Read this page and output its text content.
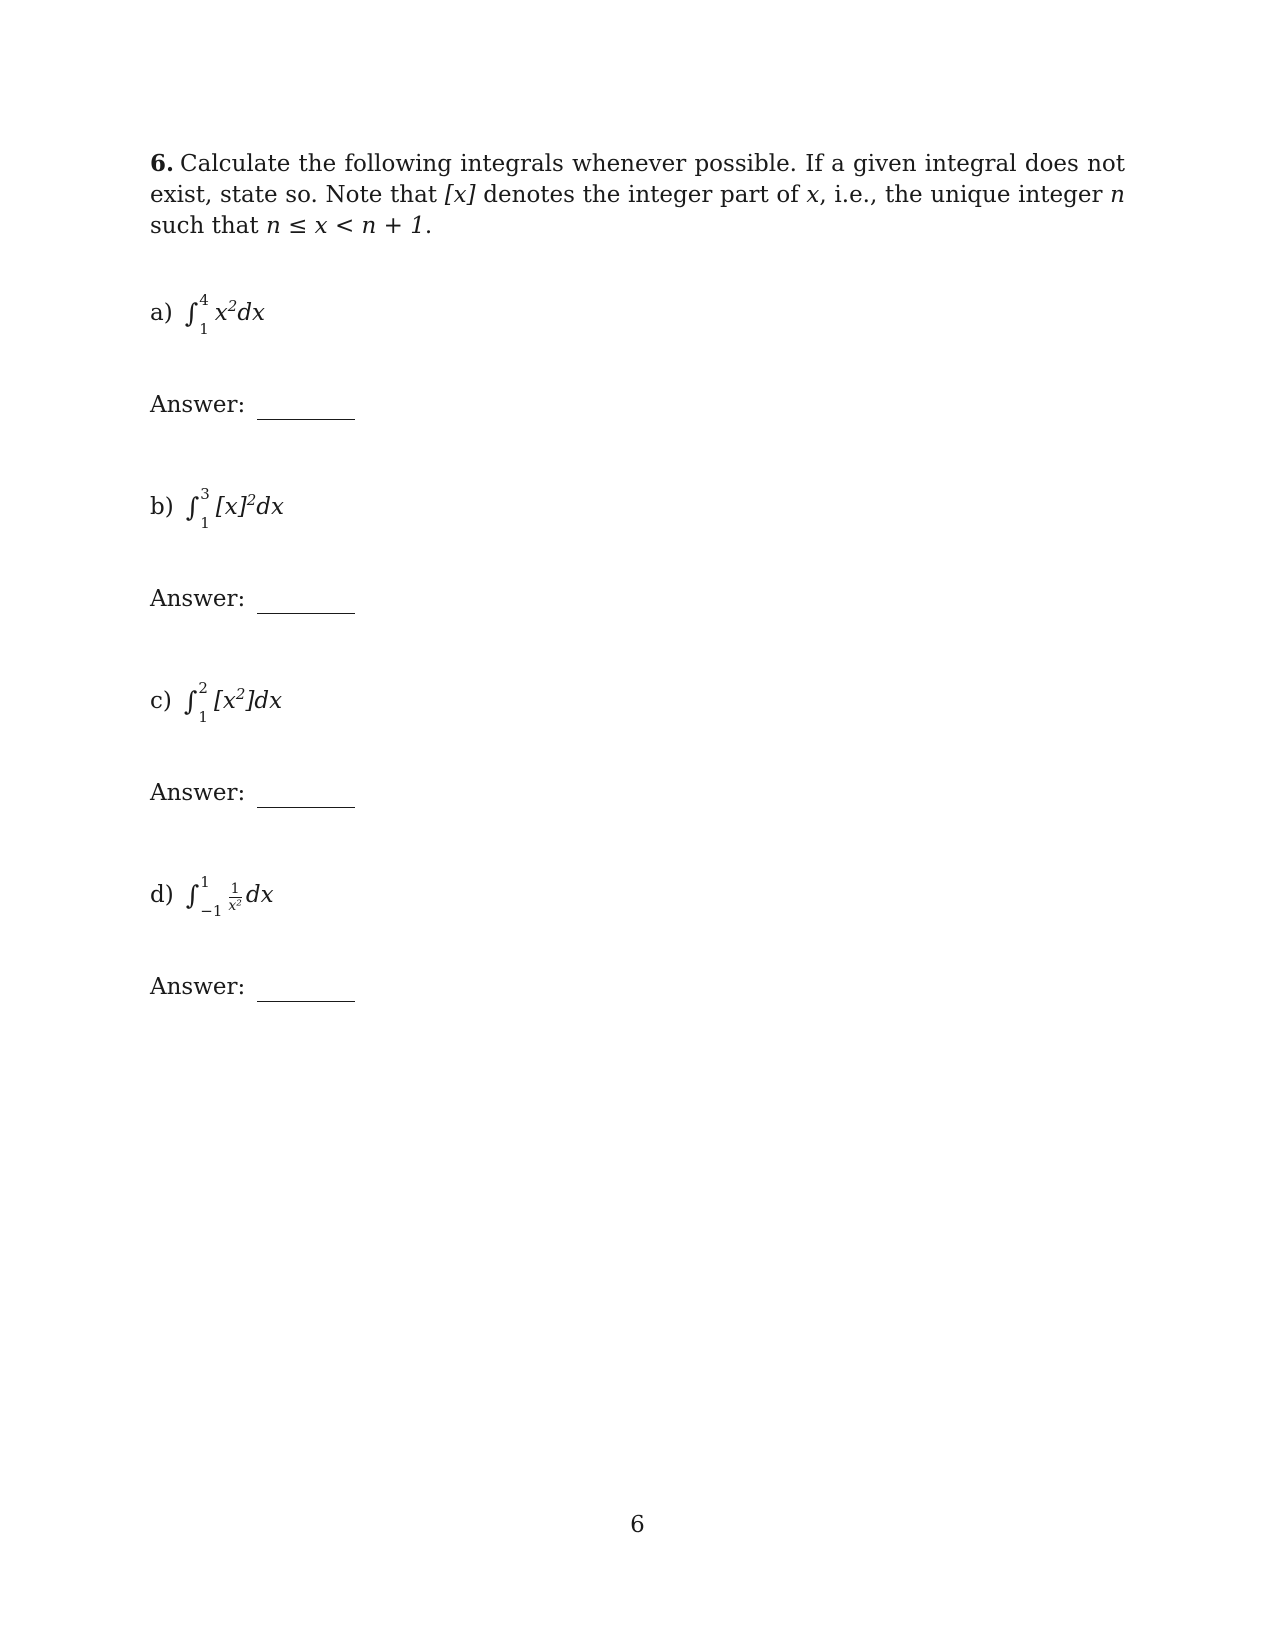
6. Calculate the following integrals whenever possible. If a given integral does not exist, state so. Note that [x] denotes the integer part of x, i.e., the unique integer n such that n ≤ x < n + 1.
a) ∫ 4
1
$x^2dx$
Answer:
b) ∫ 3
1
$[x]^2dx$
Answer:
c) ∫ 2
1
$[x^2]dx$
Answer:
d) ∫ 1
$-1 \frac{1}{\text{x²}}$ dx
Answer:
6
